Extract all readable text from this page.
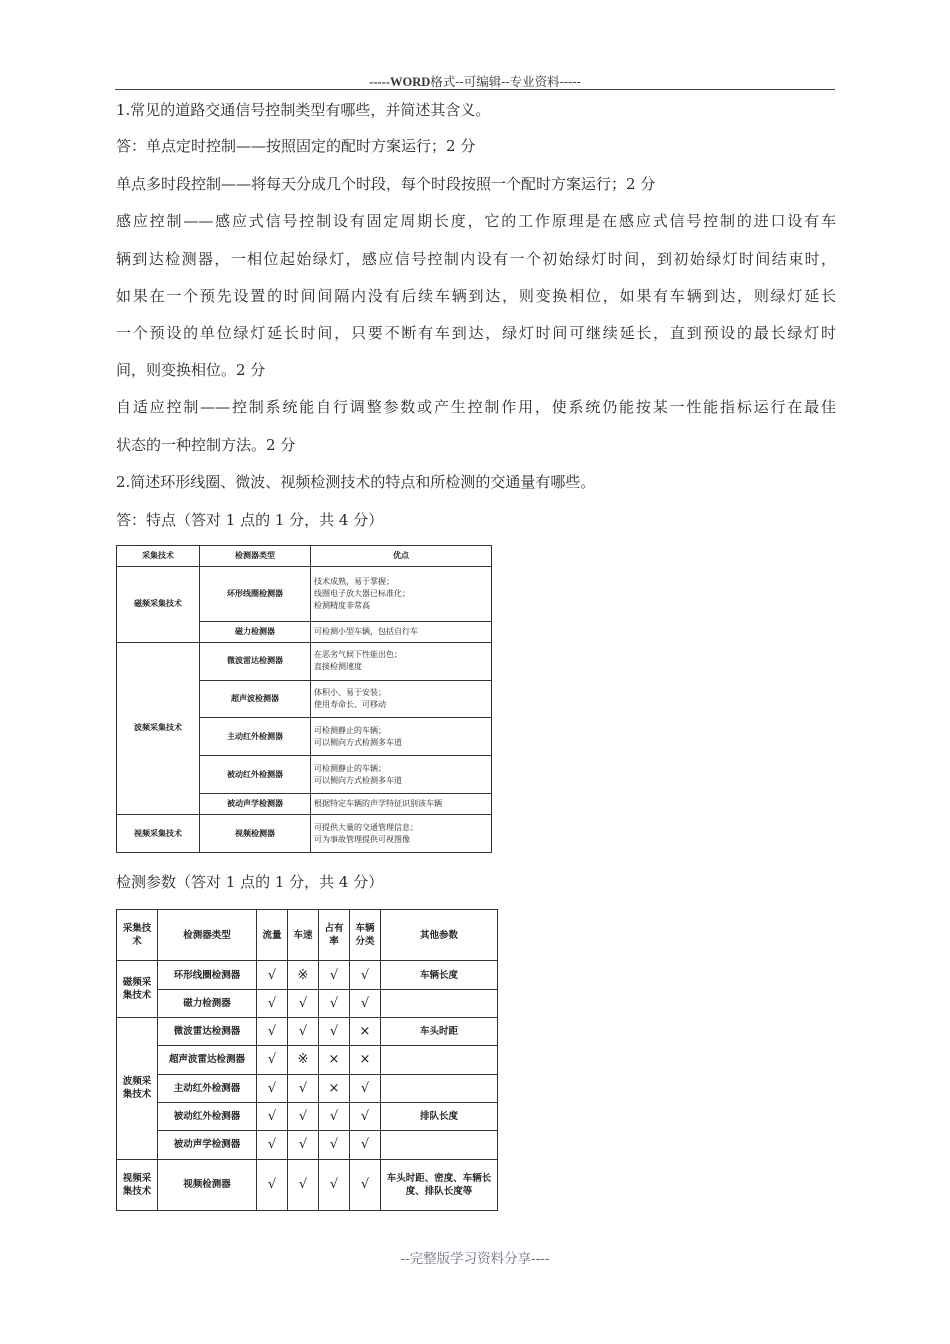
-----WORD格式--可编辑--专业资料-----
1.常见的道路交通信号控制类型有哪些，并简述其含义。
答：单点定时控制——按照固定的配时方案运行；2 分
单点多时段控制——将每天分成几个时段，每个时段按照一个配时方案运行；2 分
感应控制——感应式信号控制设有固定周期长度，它的工作原理是在感应式信号控制的进口设有车
辆到达检测器，一相位起始绿灯，感应信号控制内设有一个初始绿灯时间，到初始绿灯时间结束时，
如果在一个预先设置的时间间隔内没有后续车辆到达，则变换相位，如果有车辆到达，则绿灯延长
一个预设的单位绿灯延长时间，只要不断有车到达，绿灯时间可继续延长，直到预设的最长绿灯时
间，则变换相位。2 分
自适应控制——控制系统能自行调整参数或产生控制作用，使系统仍能按某一性能指标运行在最佳
状态的一种控制方法。2 分
2.简述环形线圈、微波、视频检测技术的特点和所检测的交通量有哪些。
答：特点（答对 1 点的 1 分，共 4 分）
采集技术	检测器类型	优点
磁频采集技术	环形线圈检测器	技术成熟，易于掌握；
线圈电子放大器已标准化；
检测精度非常高

	磁力检测器	可检测小型车辆，包括自行车

波频采集技术	微波雷达检测器	在恶劣气候下性能出色；
直接检测速度

	超声波检测器	体积小、易于安装；
使用寿命长、可移动

	主动红外检测器	可检测静止的车辆；
可以侧向方式检测多车道

	被动红外检测器	可检测静止的车辆；
可以侧向方式检测多车道

	被动声学检测器	根据特定车辆的声学特征识别该车辆

视频采集技术	视频检测器	可提供大量的交通管理信息；
可为事故管理提供可视图像
检测参数（答对 1 点的 1 分，共 4 分）
采集技术	检测器类型	流量	车速	占有率	车辆分类	其他参数
磁频采集技术	环形线圈检测器	√	※	√	√	车辆长度
	磁力检测器	√	√	√	√	
波频采集技术	微波雷达检测器	√	√	√	×	车头时距
	超声波雷达检测器	√	※	×	×	
	主动红外检测器	√	√	×	√	
	被动红外检测器	√	√	√	√	排队长度
	被动声学检测器	√	√	√	√	
视频采集技术	视频检测器	√	√	√	√	车头时距、密度、车辆长度、排队长度等
--完整版学习资料分享----
